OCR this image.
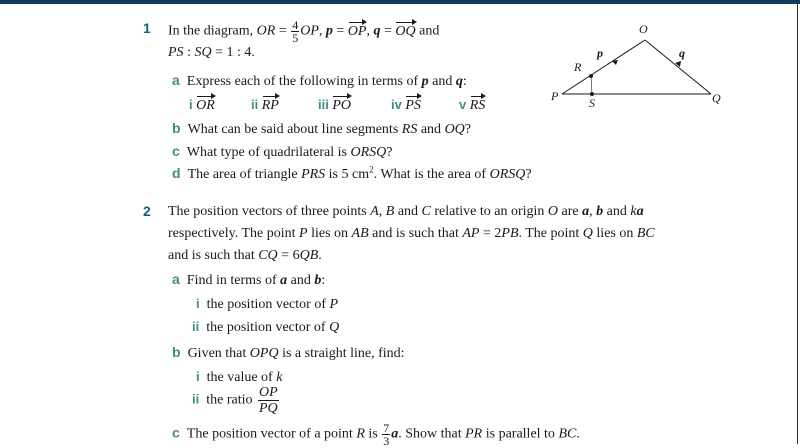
1 In the diagram, OR = $\frac{4}{5}$ OP, p = OP, q = OQ and
PS : SQ = 1 : 4.
a Express each of the following in terms of p and q:
i OR	ii RP	iii PO	iv PS	v RS
b What can be said about line segments RS and OQ?
c What type of quadrilateral is ORSQ?
d The area of triangle PRS is 5 $cm^2$. What is the area of ORSQ?
O
P	Q
R
S
p	q
2 The position vectors of three points A, B and C relative to an origin O are a, b and ka
respectively. The point P lies on AB and is such that AP = 2PB. The point Q lies on BC
and is such that CQ = 6QB.
a Find in terms of a and b:
i the position vector of P
ii the position vector of Q
b Given that OPQ is a straight line, find:
i the value of k
ii the ratio $\frac{OP}{PQ}$
c The position vector of a point R is $\frac{7}{3} a$. Show that PR is parallel to BC.
